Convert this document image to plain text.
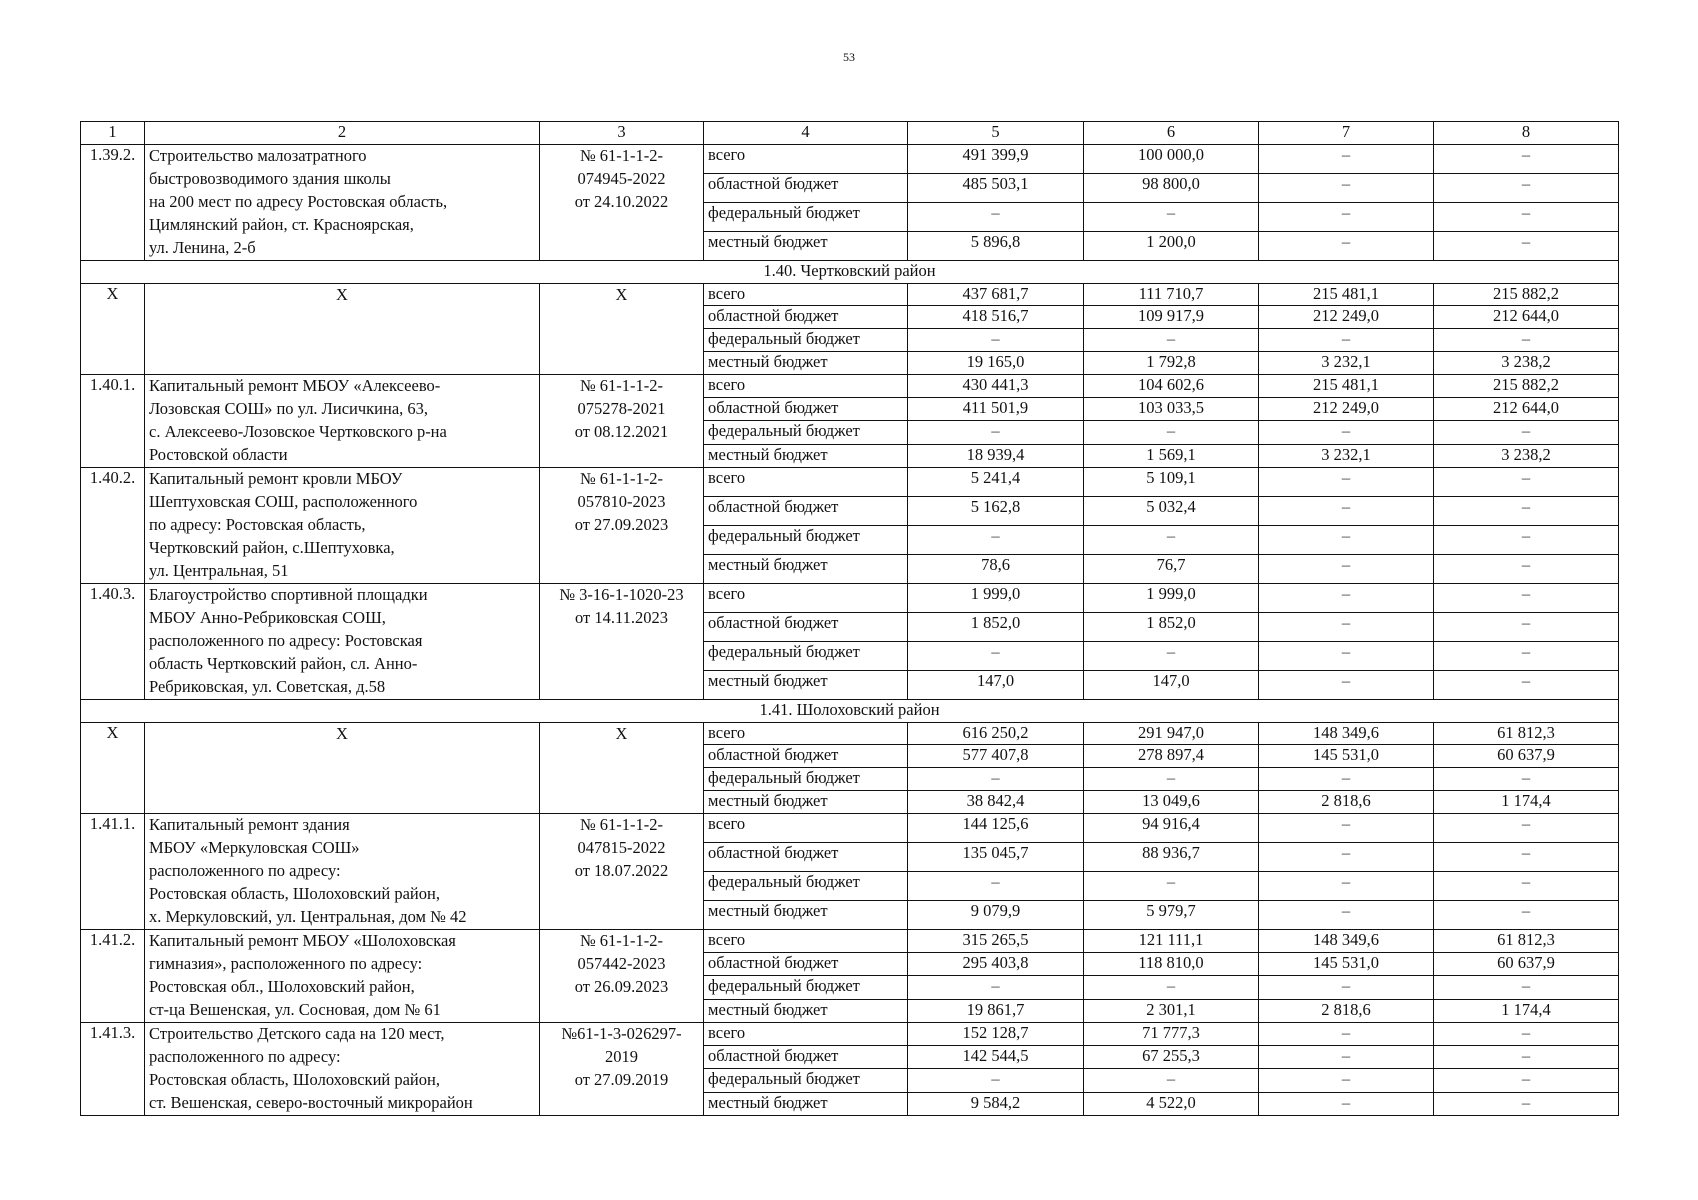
53
1	2	3	4	5	6	7	8
1.39.2.	Строительство малозатратного
быстровозводимого здания школы
на 200 мест по адресу Ростовская область,
Цимлянский район, ст. Красноярская,
ул. Ленина, 2-б	№ 61-1-1-2-
074945-2022
от 24.10.2022	всего	491 399,9	100 000,0	–	–
			областной бюджет	485 503,1	98 800,0	–	–
			федеральный бюджет	–	–	–	–
			местный бюджет	5 896,8	1 200,0	–	–
1.40. Чертковский район							
Х	Х	Х	всего	437 681,7	111 710,7	215 481,1	215 882,2
			областной бюджет	418 516,7	109 917,9	212 249,0	212 644,0
			федеральный бюджет	–	–	–	–
			местный бюджет	19 165,0	1 792,8	3 232,1	3 238,2
1.40.1.	Капитальный ремонт МБОУ «Алексеево-
Лозовская СОШ» по ул. Лисичкина, 63,
с. Алексеево-Лозовское Чертковского р-на
Ростовской области	№ 61-1-1-2-
075278-2021
от 08.12.2021	всего	430 441,3	104 602,6	215 481,1	215 882,2
			областной бюджет	411 501,9	103 033,5	212 249,0	212 644,0
			федеральный бюджет	–	–	–	–
			местный бюджет	18 939,4	1 569,1	3 232,1	3 238,2
1.40.2.	Капитальный ремонт кровли МБОУ
Шептуховская СОШ, расположенного
по адресу: Ростовская область,
Чертковский район, с.Шептуховка,
ул. Центральная, 51	№ 61-1-1-2-
057810-2023
от 27.09.2023	всего	5 241,4	5 109,1	–	–
			областной бюджет	5 162,8	5 032,4	–	–
			федеральный бюджет	–	–	–	–
			местный бюджет	78,6	76,7	–	–
1.40.3.	Благоустройство спортивной площадки
МБОУ Анно-Ребриковская СОШ,
расположенного по адресу: Ростовская
область Чертковский район, сл. Анно-
Ребриковская, ул. Советская, д.58	№ 3-16-1-1020-23
от 14.11.2023	всего	1 999,0	1 999,0	–	–
			областной бюджет	1 852,0	1 852,0	–	–
			федеральный бюджет	–	–	–	–
			местный бюджет	147,0	147,0	–	–
1.41. Шолоховский район							
Х	Х	Х	всего	616 250,2	291 947,0	148 349,6	61 812,3
			областной бюджет	577 407,8	278 897,4	145 531,0	60 637,9
			федеральный бюджет	–	–	–	–
			местный бюджет	38 842,4	13 049,6	2 818,6	1 174,4
1.41.1.	Капитальный ремонт здания
МБОУ «Меркуловская СОШ»
расположенного по адресу:
Ростовская область, Шолоховский район,
х. Меркуловский, ул. Центральная, дом № 42	№ 61-1-1-2-
047815-2022
от 18.07.2022	всего	144 125,6	94 916,4	–	–
			областной бюджет	135 045,7	88 936,7	–	–
			федеральный бюджет	–	–	–	–
			местный бюджет	9 079,9	5 979,7	–	–
1.41.2.	Капитальный ремонт МБОУ «Шолоховская
гимназия», расположенного по адресу:
Ростовская обл., Шолоховский район,
ст-ца Вешенская, ул. Сосновая, дом № 61	№ 61-1-1-2-
057442-2023
от 26.09.2023	всего	315 265,5	121 111,1	148 349,6	61 812,3
			областной бюджет	295 403,8	118 810,0	145 531,0	60 637,9
			федеральный бюджет	–	–	–	–
			местный бюджет	19 861,7	2 301,1	2 818,6	1 174,4
1.41.3.	Строительство Детского сада на 120 мест,
расположенного по адресу:
Ростовская область, Шолоховский район,
ст. Вешенская, северо-восточный микрорайон	№61-1-3-026297-
2019
от 27.09.2019	всего	152 128,7	71 777,3	–	–
			областной бюджет	142 544,5	67 255,3	–	–
			федеральный бюджет	–	–	–	–
			местный бюджет	9 584,2	4 522,0	–	–
